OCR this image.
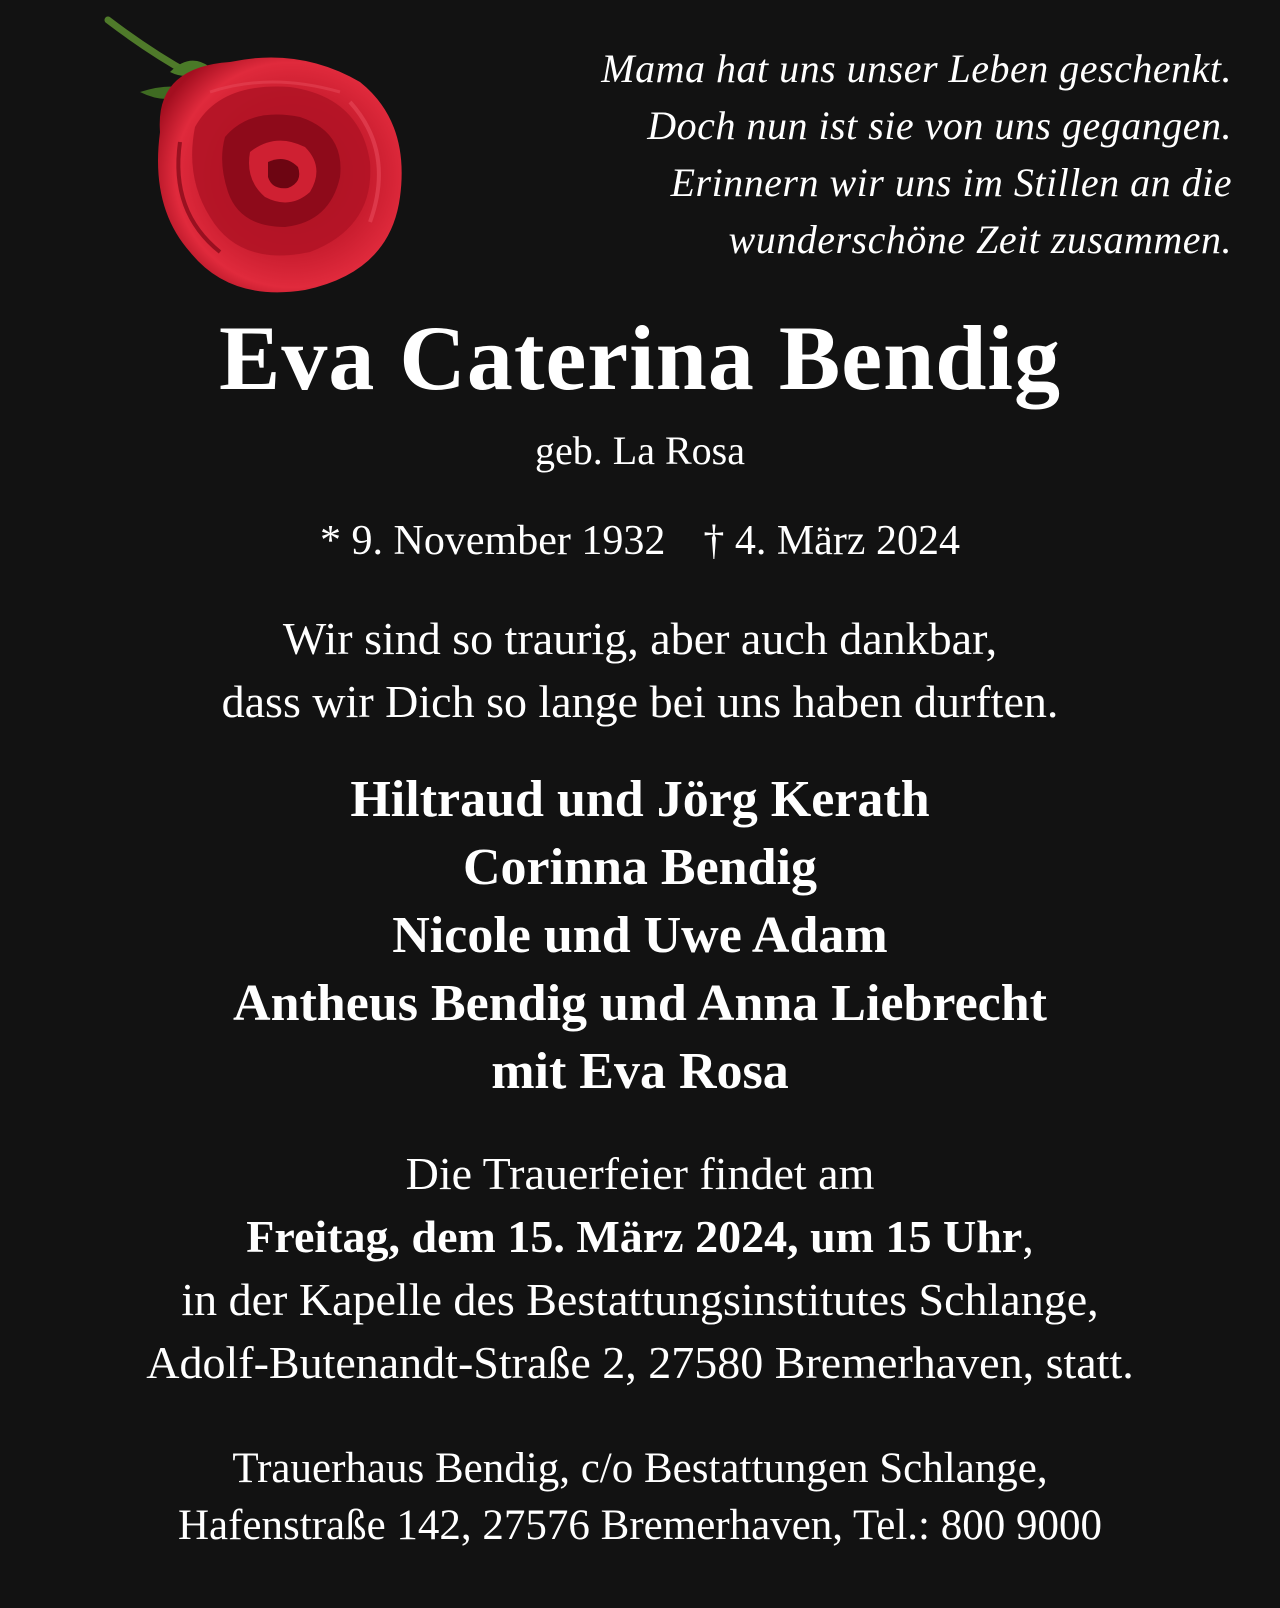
Mama hat uns unser Leben geschenkt.
Doch nun ist sie von uns gegangen.
Erinnern wir uns im Stillen an die
wunderschöne Zeit zusammen.
Eva Caterina Bendig
geb. La Rosa
* 9. November 1932 † 4. März 2024
Wir sind so traurig, aber auch dankbar,
dass wir Dich so lange bei uns haben durften.
Hiltraud und Jörg Kerath
Corinna Bendig
Nicole und Uwe Adam
Antheus Bendig und Anna Liebrecht
mit Eva Rosa
Die Trauerfeier findet am
Freitag, dem 15. März 2024, um 15 Uhr,
in der Kapelle des Bestattungsinstitutes Schlange,
Adolf-Butenandt-Straße 2, 27580 Bremerhaven, statt.
Trauerhaus Bendig, c/o Bestattungen Schlange,
Hafenstraße 142, 27576 Bremerhaven, Tel.: 800 9000
